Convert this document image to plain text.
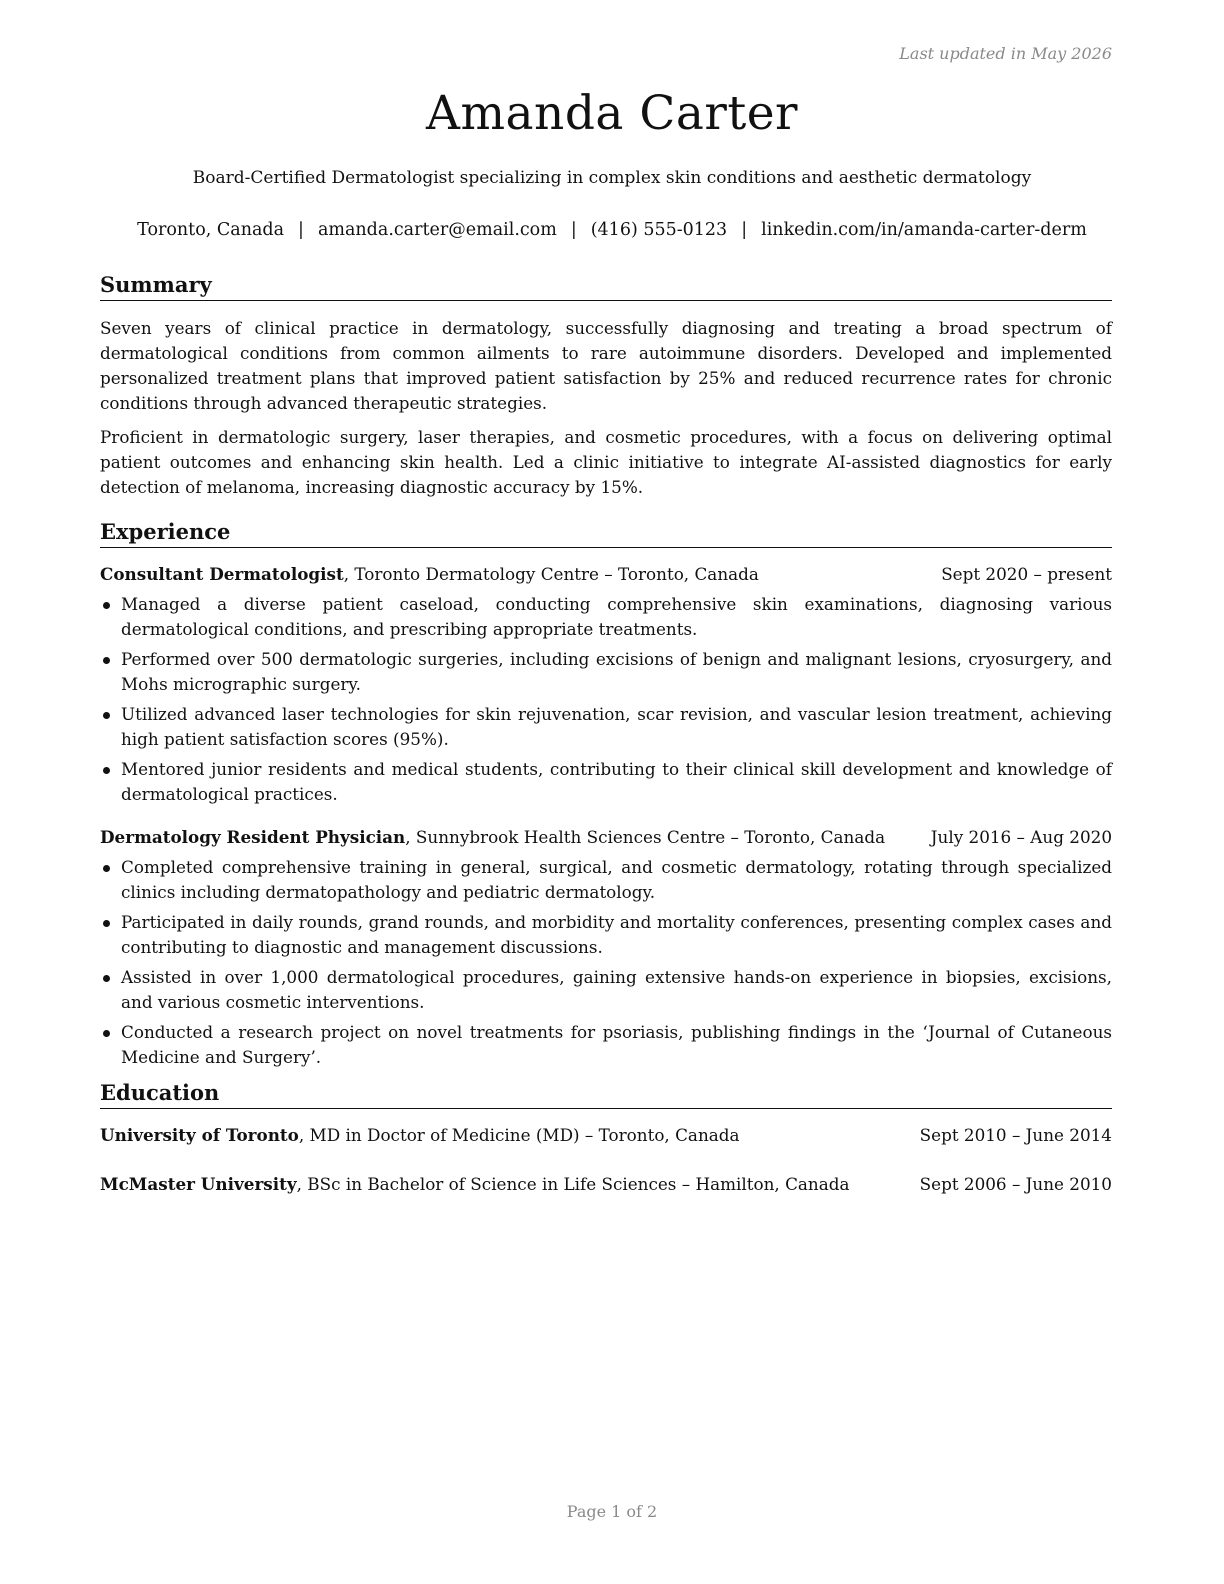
Last updated in May 2026
Amanda Carter
Board-Certified Dermatologist specializing in complex skin conditions and aesthetic dermatology
Toronto, Canada | amanda.carter@email.com | (416) 555-0123 | linkedin.com/in/amanda-carter-derm
Summary

Seven years of clinical practice in dermatology, successfully diagnosing and treating a broad spectrum of dermatological conditions from common ailments to rare autoimmune disorders. Developed and implemented personalized treatment plans that improved patient satisfaction by 25% and reduced recurrence rates for chronic conditions through advanced therapeutic strategies.

Proficient in dermatologic surgery, laser therapies, and cosmetic procedures, with a focus on delivering optimal patient outcomes and enhancing skin health. Led a clinic initiative to integrate AI-assisted diagnostics for early detection of melanoma, increasing diagnostic accuracy by 15%.

Experience
Consultant Dermatologist, Toronto Dermatology Centre – Toronto, Canada	Sept 2020 – present
Managed a diverse patient caseload, conducting comprehensive skin examinations, diagnosing various dermatological conditions, and prescribing appropriate treatments.
Performed over 500 dermatologic surgeries, including excisions of benign and malignant lesions, cryosurgery, and Mohs micrographic surgery.
Utilized advanced laser technologies for skin rejuvenation, scar revision, and vascular lesion treatment, achieving high patient satisfaction scores (95%).
Mentored junior residents and medical students, contributing to their clinical skill development and knowledge of dermatological practices.
Dermatology Resident Physician, Sunnybrook Health Sciences Centre – Toronto, Canada	July 2016 – Aug 2020
Completed comprehensive training in general, surgical, and cosmetic dermatology, rotating through specialized clinics including dermatopathology and pediatric dermatology.
Participated in daily rounds, grand rounds, and morbidity and mortality conferences, presenting complex cases and contributing to diagnostic and management discussions.
Assisted in over 1,000 dermatological procedures, gaining extensive hands-on experience in biopsies, excisions, and various cosmetic interventions.
Conducted a research project on novel treatments for psoriasis, publishing findings in the ‘Journal of Cutaneous Medicine and Surgery’.
Education
University of Toronto, MD in Doctor of Medicine (MD) – Toronto, Canada	Sept 2010 – June 2014
McMaster University, BSc in Bachelor of Science in Life Sciences – Hamilton, Canada	Sept 2006 – June 2010
Page 1 of 2
